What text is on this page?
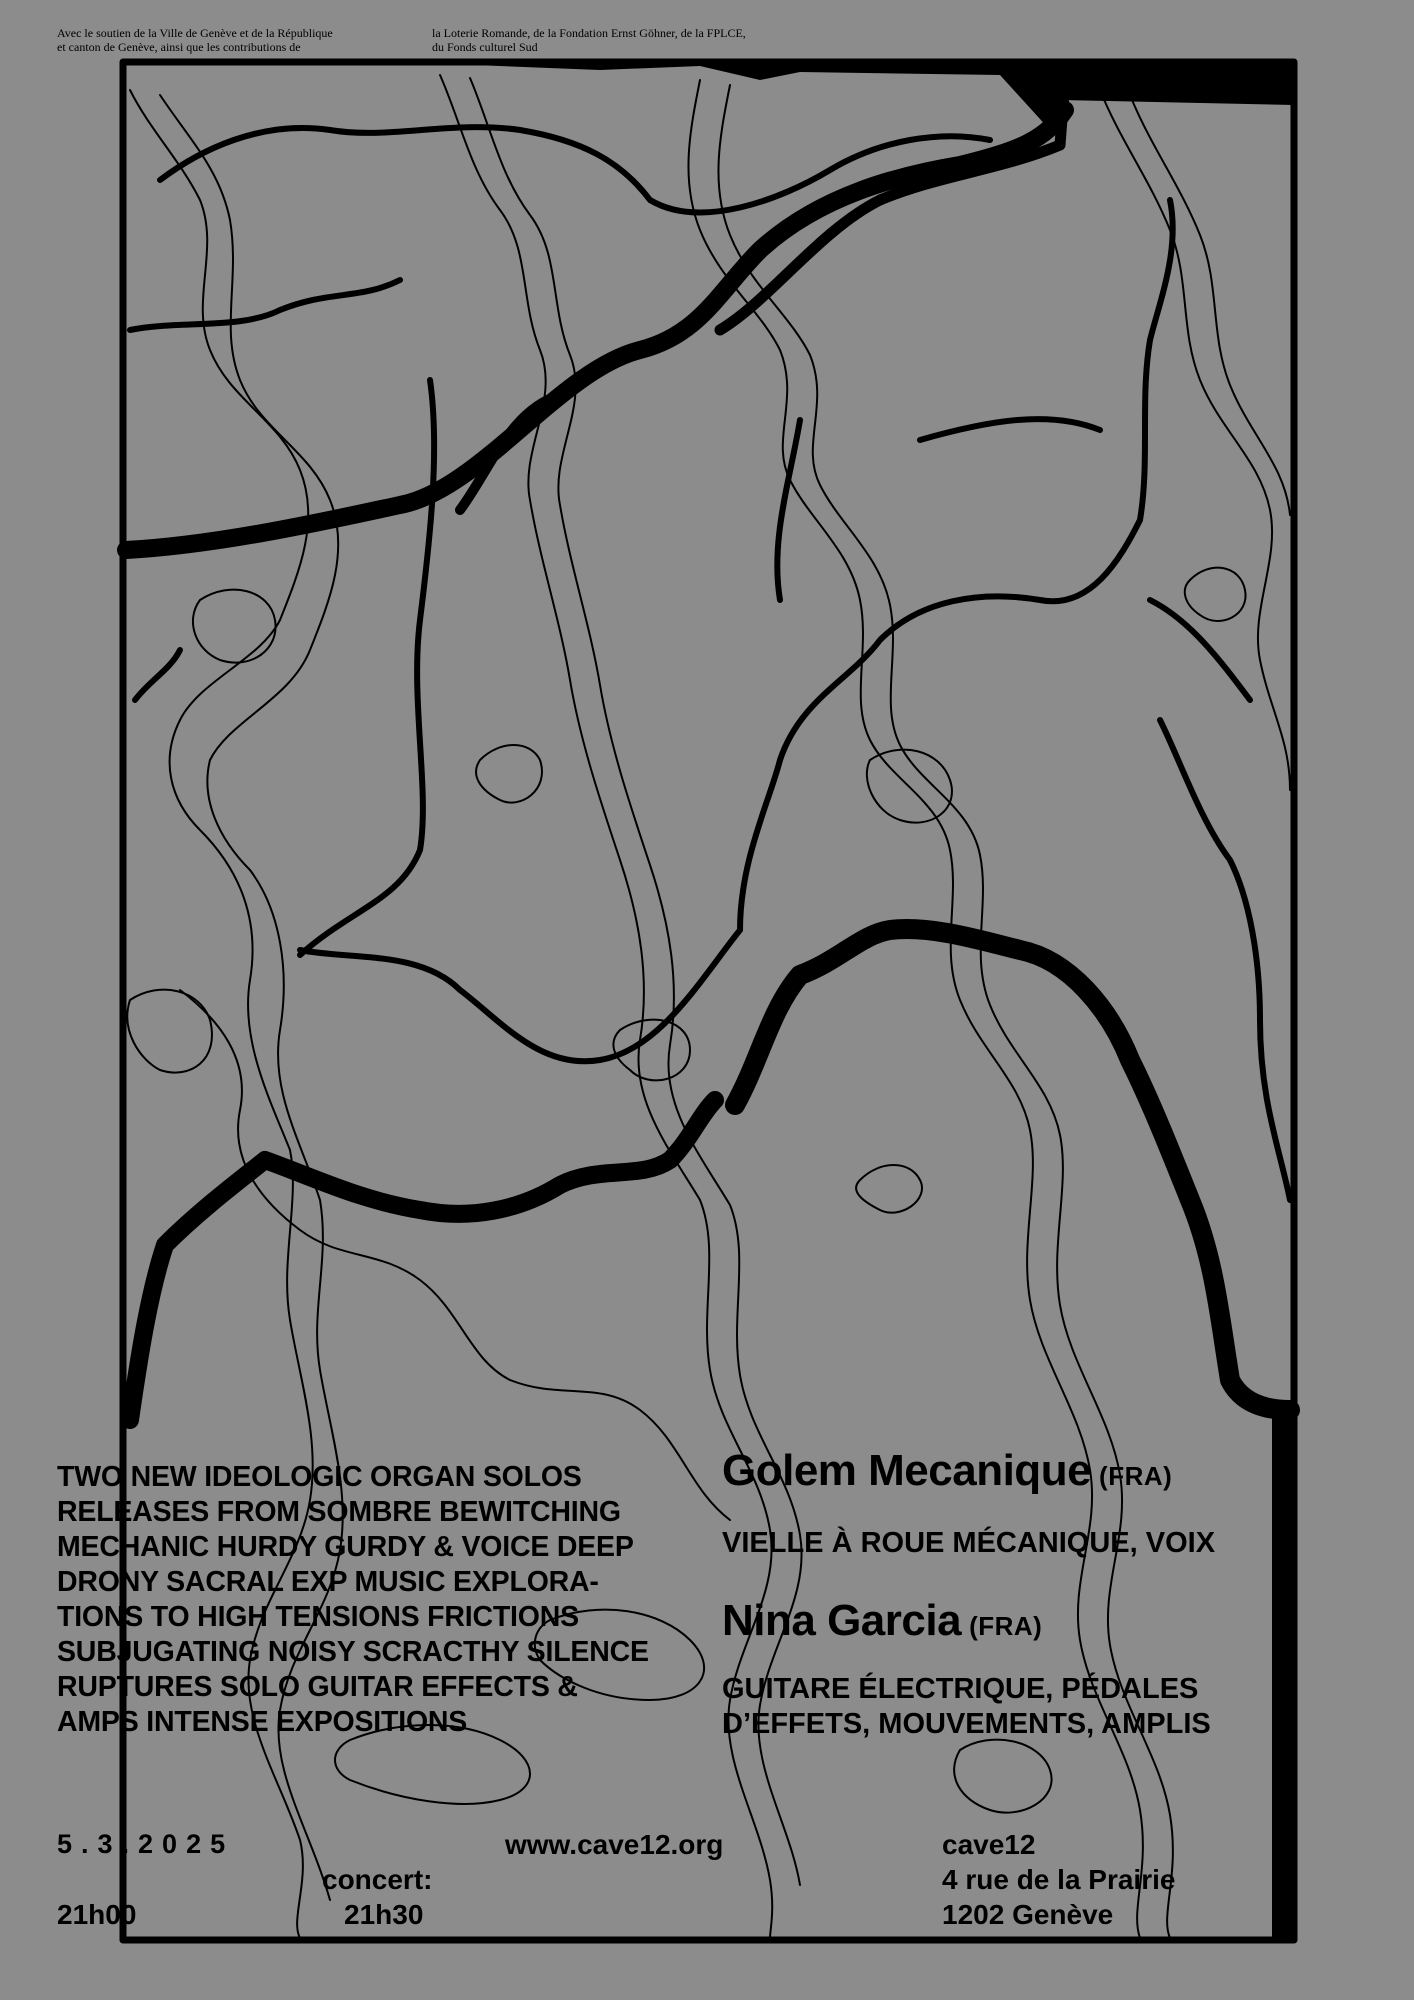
Avec le soutien de la Ville de Genève et de la République
et canton de Genève, ainsi que les contributions de
la Loterie Romande, de la Fondation Ernst Göhner, de la FPLCE,
du Fonds culturel Sud
TWO NEW IDEOLOGIC ORGAN SOLOS
RELEASES FROM SOMBRE BEWITCHING
MECHANIC HURDY GURDY & VOICE DEEP
DRONY SACRAL EXP MUSIC EXPLORA-
TIONS TO HIGH TENSIONS FRICTIONS
SUBJUGATING NOISY SCRACTHY SILENCE
RUPTURES SOLO GUITAR EFFECTS &
AMPS INTENSE EXPOSITIONS
Golem Mecanique (FRA)
VIELLE À ROUE MÉCANIQUE, VOIX
Nina Garcia (FRA)
GUITARE ÉLECTRIQUE, PÉDALES
D’EFFETS, MOUVEMENTS, AMPLIS
5.3.2025
21h00
concert:
21h30
www.cave12.org	cave12
4 rue de la Prairie
1202 Genève
